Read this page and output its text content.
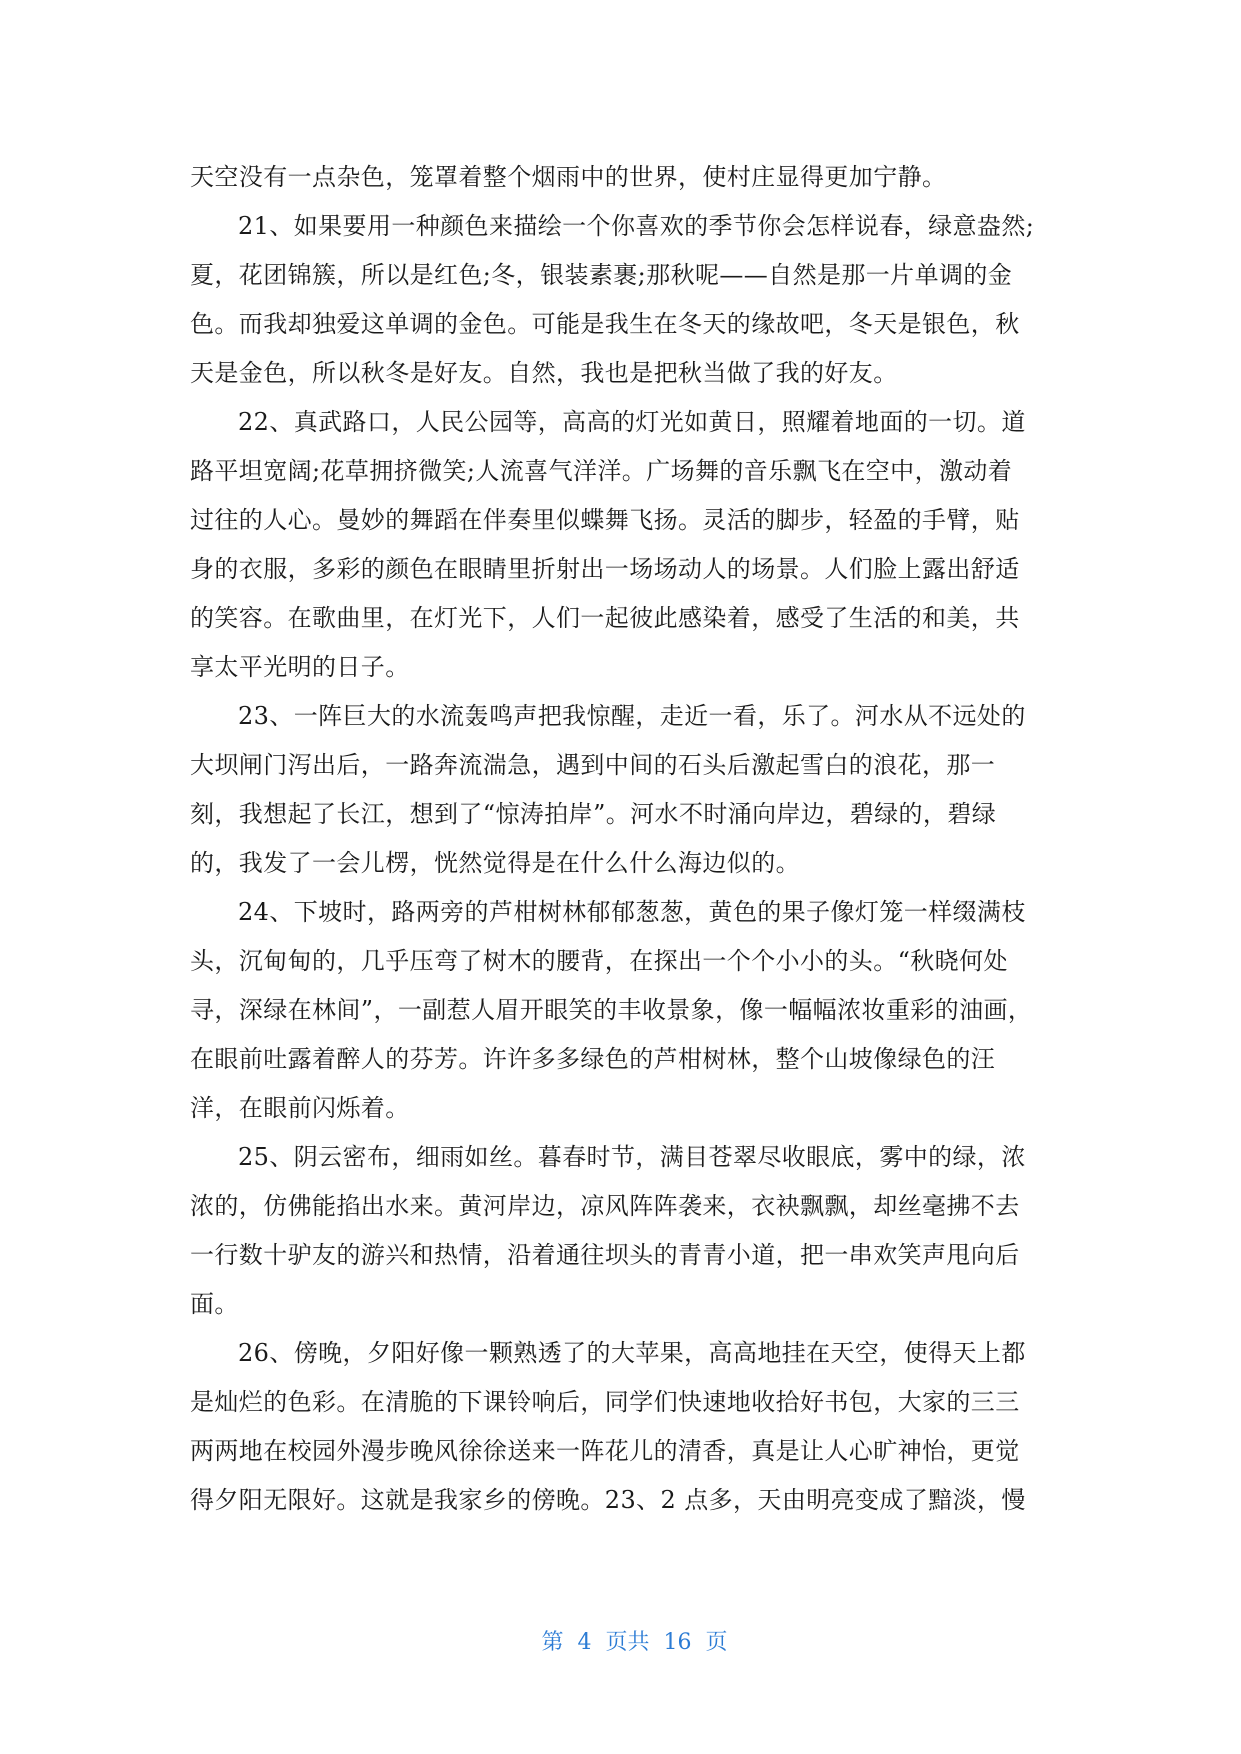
天空没有一点杂色，笼罩着整个烟雨中的世界，使村庄显得更加宁静。
21、如果要用一种颜色来描绘一个你喜欢的季节你会怎样说春，绿意盎然;
夏，花团锦簇，所以是红色;冬，银装素裹;那秋呢——自然是那一片单调的金
色。而我却独爱这单调的金色。可能是我生在冬天的缘故吧，冬天是银色，秋
天是金色，所以秋冬是好友。自然，我也是把秋当做了我的好友。
22、真武路口，人民公园等，高高的灯光如黄日，照耀着地面的一切。道
路平坦宽阔;花草拥挤微笑;人流喜气洋洋。广场舞的音乐飘飞在空中，激动着
过往的人心。曼妙的舞蹈在伴奏里似蝶舞飞扬。灵活的脚步，轻盈的手臂，贴
身的衣服，多彩的颜色在眼睛里折射出一场场动人的场景。人们脸上露出舒适
的笑容。在歌曲里，在灯光下，人们一起彼此感染着，感受了生活的和美，共
享太平光明的日子。
23、一阵巨大的水流轰鸣声把我惊醒，走近一看，乐了。河水从不远处的
大坝闸门泻出后，一路奔流湍急，遇到中间的石头后激起雪白的浪花，那一
刻，我想起了长江，想到了“惊涛拍岸”。河水不时涌向岸边，碧绿的，碧绿
的，我发了一会儿楞，恍然觉得是在什么什么海边似的。
24、下坡时，路两旁的芦柑树林郁郁葱葱，黄色的果子像灯笼一样缀满枝
头，沉甸甸的，几乎压弯了树木的腰背，在探出一个个小小的头。“秋晓何处
寻，深绿在林间”，一副惹人眉开眼笑的丰收景象，像一幅幅浓妆重彩的油画，
在眼前吐露着醉人的芬芳。许许多多绿色的芦柑树林，整个山坡像绿色的汪
洋，在眼前闪烁着。
25、阴云密布，细雨如丝。暮春时节，满目苍翠尽收眼底，雾中的绿，浓
浓的，仿佛能掐出水来。黄河岸边，凉风阵阵袭来，衣袂飘飘，却丝毫拂不去
一行数十驴友的游兴和热情，沿着通往坝头的青青小道，把一串欢笑声甩向后
面。
26、傍晚，夕阳好像一颗熟透了的大苹果，高高地挂在天空，使得天上都
是灿烂的色彩。在清脆的下课铃响后，同学们快速地收拾好书包，大家的三三
两两地在校园外漫步晚风徐徐送来一阵花儿的清香，真是让人心旷神怡，更觉
得夕阳无限好。这就是我家乡的傍晚。23、2 点多，天由明亮变成了黯淡，慢

第 4 页共 16 页
